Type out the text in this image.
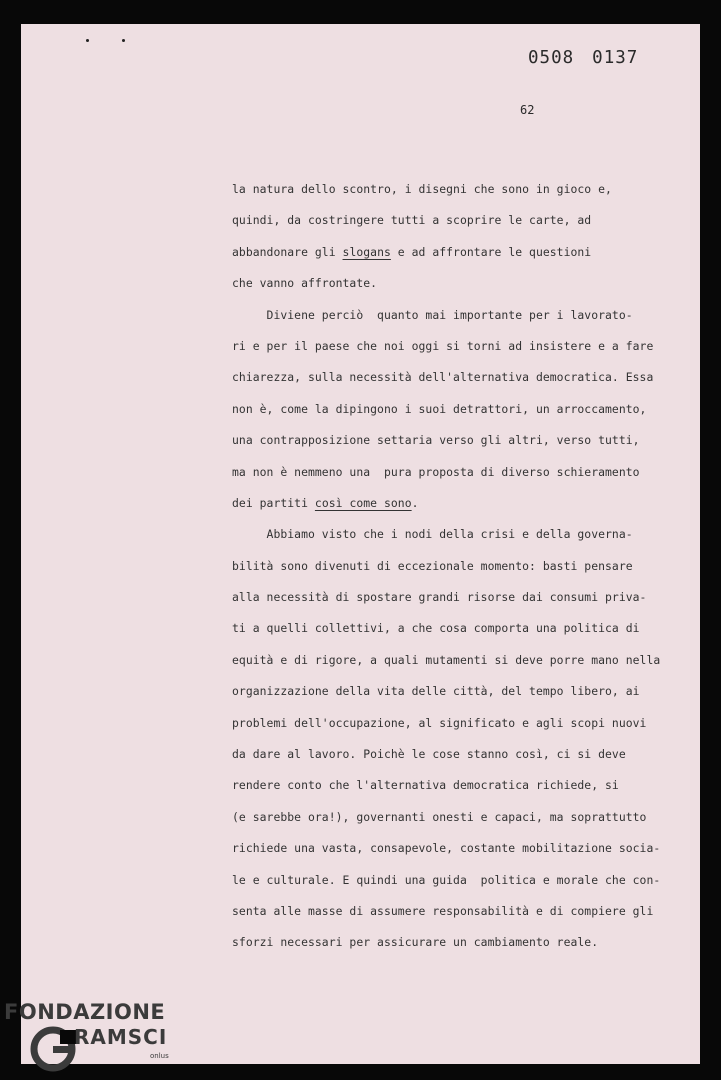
0508 0137
62
la natura dello scontro, i disegni che sono in gioco e,
quindi, da costringere tutti a scoprire le carte, ad
abbandonare gli slogans e ad affrontare le questioni
che vanno affrontate.
Diviene perciò  quanto mai importante per i lavorato-
ri e per il paese che noi oggi si torni ad insistere e a fare
chiarezza, sulla necessità dell'alternativa democratica. Essa
non è, come la dipingono i suoi detrattori, un arroccamento,
una contrapposizione settaria verso gli altri, verso tutti,
ma non è nemmeno una  pura proposta di diverso schieramento
dei partiti così come sono.
Abbiamo visto che i nodi della crisi e della governa-
bilità sono divenuti di eccezionale momento: basti pensare
alla necessità di spostare grandi risorse dai consumi priva-
ti a quelli collettivi, a che cosa comporta una politica di
equità e di rigore, a quali mutamenti si deve porre mano nella
organizzazione della vita delle città, del tempo libero, ai
problemi dell'occupazione, al significato e agli scopi nuovi
da dare al lavoro. Poichè le cose stanno così, ci si deve
rendere conto che l'alternativa democratica richiede, si
(e sarebbe ora!), governanti onesti e capaci, ma soprattutto
richiede una vasta, consapevole, costante mobilitazione socia-
le e culturale. E quindi una guida  politica e morale che con-
senta alle masse di assumere responsabilità e di compiere gli
sforzi necessari per assicurare un cambiamento reale.
FONDAZIONE
RAMSCI
onlus
